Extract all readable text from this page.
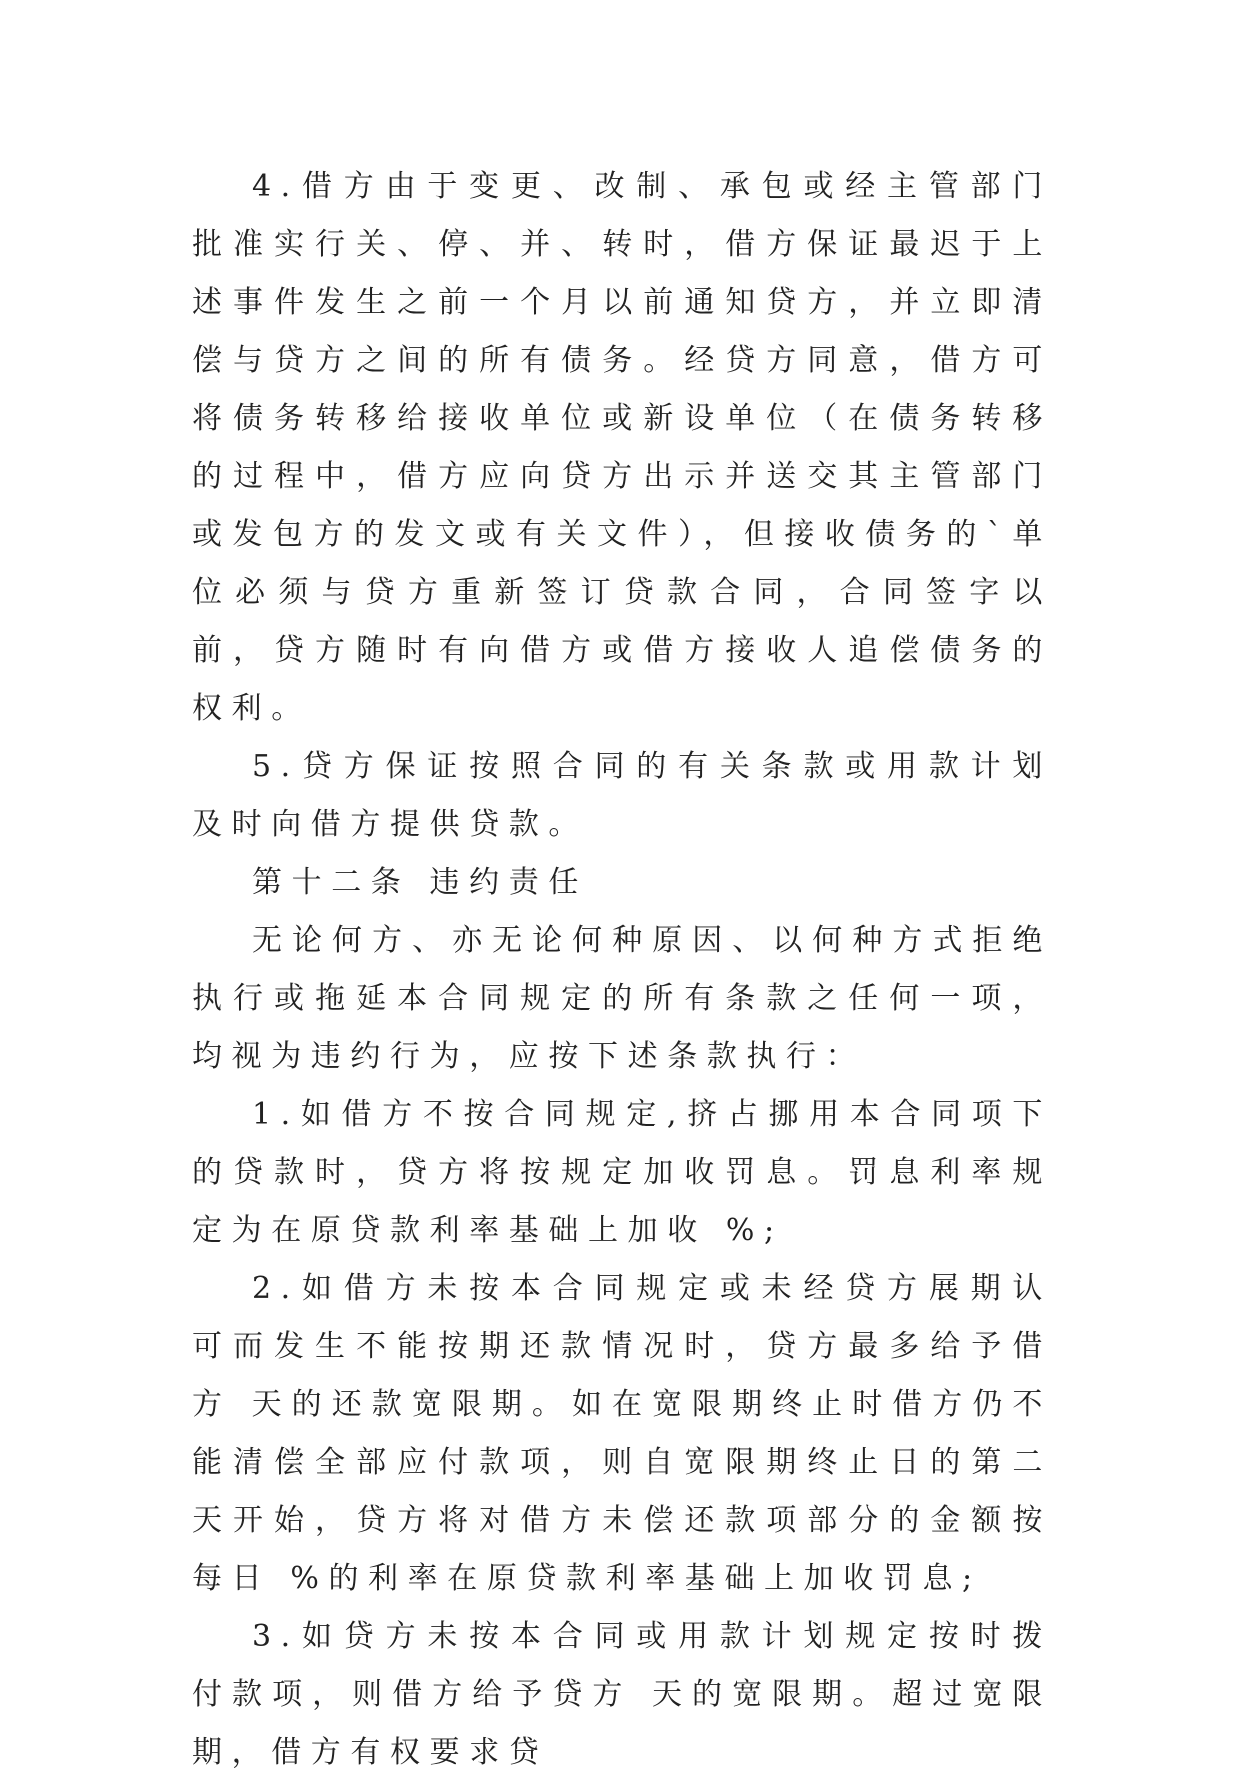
4.借方由于变更、改制、承包或经主管部门批准实行关、停、并、转时，借方保证最迟于上述事件发生之前一个月以前通知贷方，并立即清偿与贷方之间的所有债务。经贷方同意，借方可将债务转移给接收单位或新设单位（在债务转移的过程中，借方应向贷方出示并送交其主管部门或发包方的发文或有关文件），但接收债务的`单位必须与贷方重新签订贷款合同，合同签字以前，贷方随时有向借方或借方接收人追偿债务的权利。

5.贷方保证按照合同的有关条款或用款计划及时向借方提供贷款。

第十二条 违约责任

无论何方、亦无论何种原因、以何种方式拒绝执行或拖延本合同规定的所有条款之任何一项，均视为违约行为，应按下述条款执行：

1.如借方不按合同规定,挤占挪用本合同项下的贷款时，贷方将按规定加收罚息。罚息利率规定为在原贷款利率基础上加收 %;

2.如借方未按本合同规定或未经贷方展期认可而发生不能按期还款情况时，贷方最多给予借方 天的还款宽限期。如在宽限期终止时借方仍不能清偿全部应付款项，则自宽限期终止日的第二天开始，贷方将对借方未偿还款项部分的金额按每日 %的利率在原贷款利率基础上加收罚息;

3.如贷方未按本合同或用款计划规定按时拨付款项，则借方给予贷方 天的宽限期。超过宽限期，借方有权要求贷
